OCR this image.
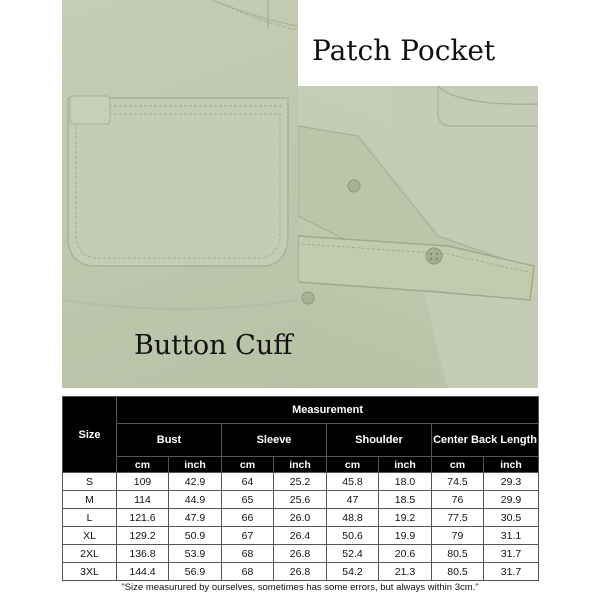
Patch Pocket
Button Cuff
Size	Measurement							
	Bust		Sleeve		Shoulder		Center Back Length	
	cm	inch	cm	inch	cm	inch	cm	inch
S	109	42.9	64	25.2	45.8	18.0	74.5	29.3
M	114	44.9	65	25.6	47	18.5	76	29.9
L	121.6	47.9	66	26.0	48.8	19.2	77.5	30.5
XL	129.2	50.9	67	26.4	50.6	19.9	79	31.1
2XL	136.8	53.9	68	26.8	52.4	20.6	80.5	31.7
3XL	144.4	56.9	68	26.8	54.2	21.3	80.5	31.7
"Size measurured by ourselves, sometimes has some errors, but always within 3cm."
